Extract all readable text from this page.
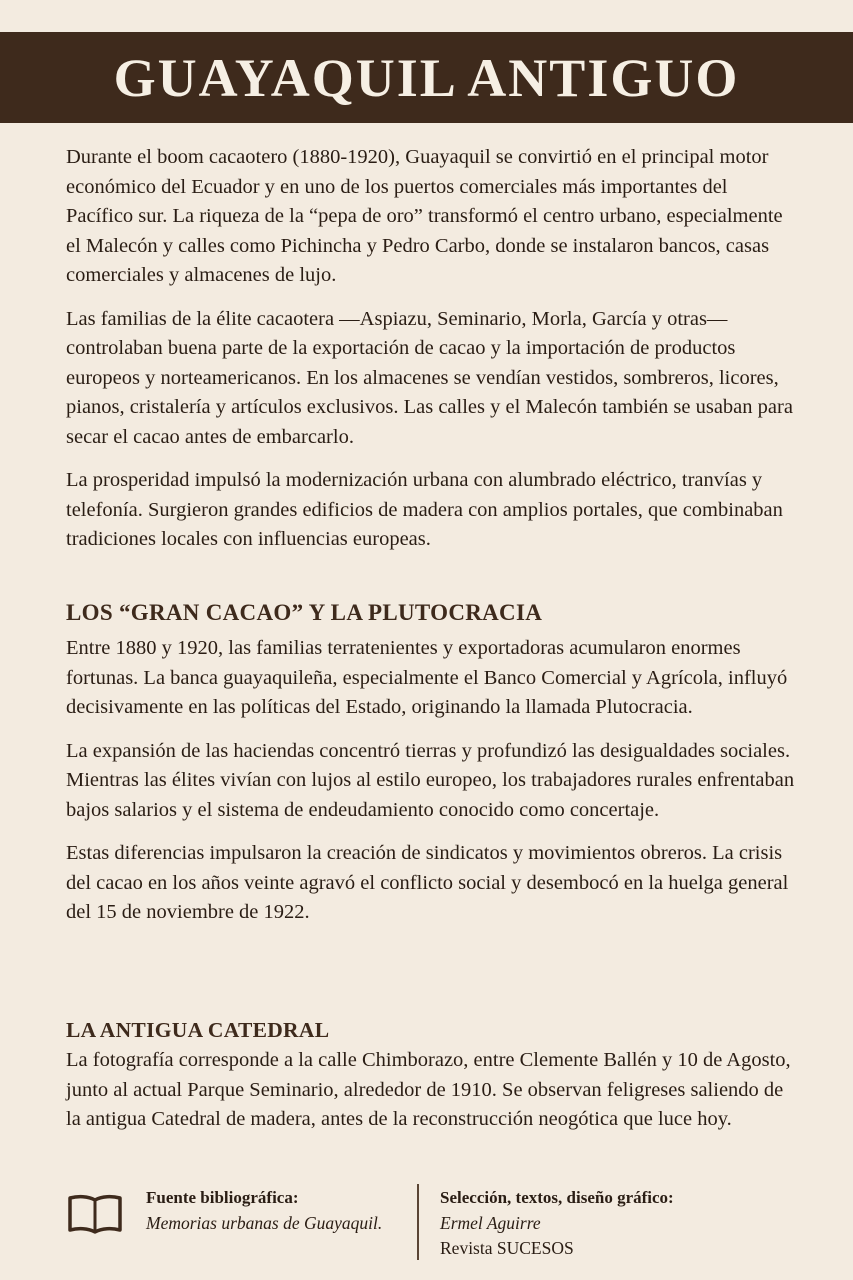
GUAYAQUIL ANTIGUO

Durante el boom cacaotero (1880-1920), Guayaquil se convirtió en el principal motor económico del Ecuador y en uno de los puertos comerciales más importantes del Pacífico sur. La riqueza de la “pepa de oro” transformó el centro urbano, especialmente el Malecón y calles como Pichincha y Pedro Carbo, donde se instalaron bancos, casas comerciales y almacenes de lujo.

Las familias de la élite cacaotera —Aspiazu, Seminario, Morla, García y otras— controlaban buena parte de la exportación de cacao y la importación de productos europeos y norteamericanos. En los almacenes se vendían vestidos, sombreros, licores, pianos, cristalería y artículos exclusivos. Las calles y el Malecón también se usaban para secar el cacao antes de embarcarlo.

La prosperidad impulsó la modernización urbana con alumbrado eléctrico, tranvías y telefonía. Surgieron grandes edificios de madera con amplios portales, que combinaban tradiciones locales con influencias europeas.

LOS “GRAN CACAO” Y LA PLUTOCRACIA

Entre 1880 y 1920, las familias terratenientes y exportadoras acumularon enormes fortunas. La banca guayaquileña, especialmente el Banco Comercial y Agrícola, influyó decisivamente en las políticas del Estado, originando la llamada Plutocracia.

La expansión de las haciendas concentró tierras y profundizó las desigualdades sociales. Mientras las élites vivían con lujos al estilo europeo, los trabajadores rurales enfrentaban bajos salarios y el sistema de endeudamiento conocido como concertaje.

Estas diferencias impulsaron la creación de sindicatos y movimientos obreros. La crisis del cacao en los años veinte agravó el conflicto social y desembocó en la huelga general del 15 de noviembre de 1922.

LA ANTIGUA CATEDRAL

La fotografía corresponde a la calle Chimborazo, entre Clemente Ballén y 10 de Agosto, junto al actual Parque Seminario, alrededor de 1910. Se observan feligreses saliendo de la antigua Catedral de madera, antes de la reconstrucción neogótica que luce hoy.

Fuente bibliográfica:
Memorias urbanas de Guayaquil.
Selección, textos, diseño gráfico:
Ermel Aguirre
Revista SUCESOS
